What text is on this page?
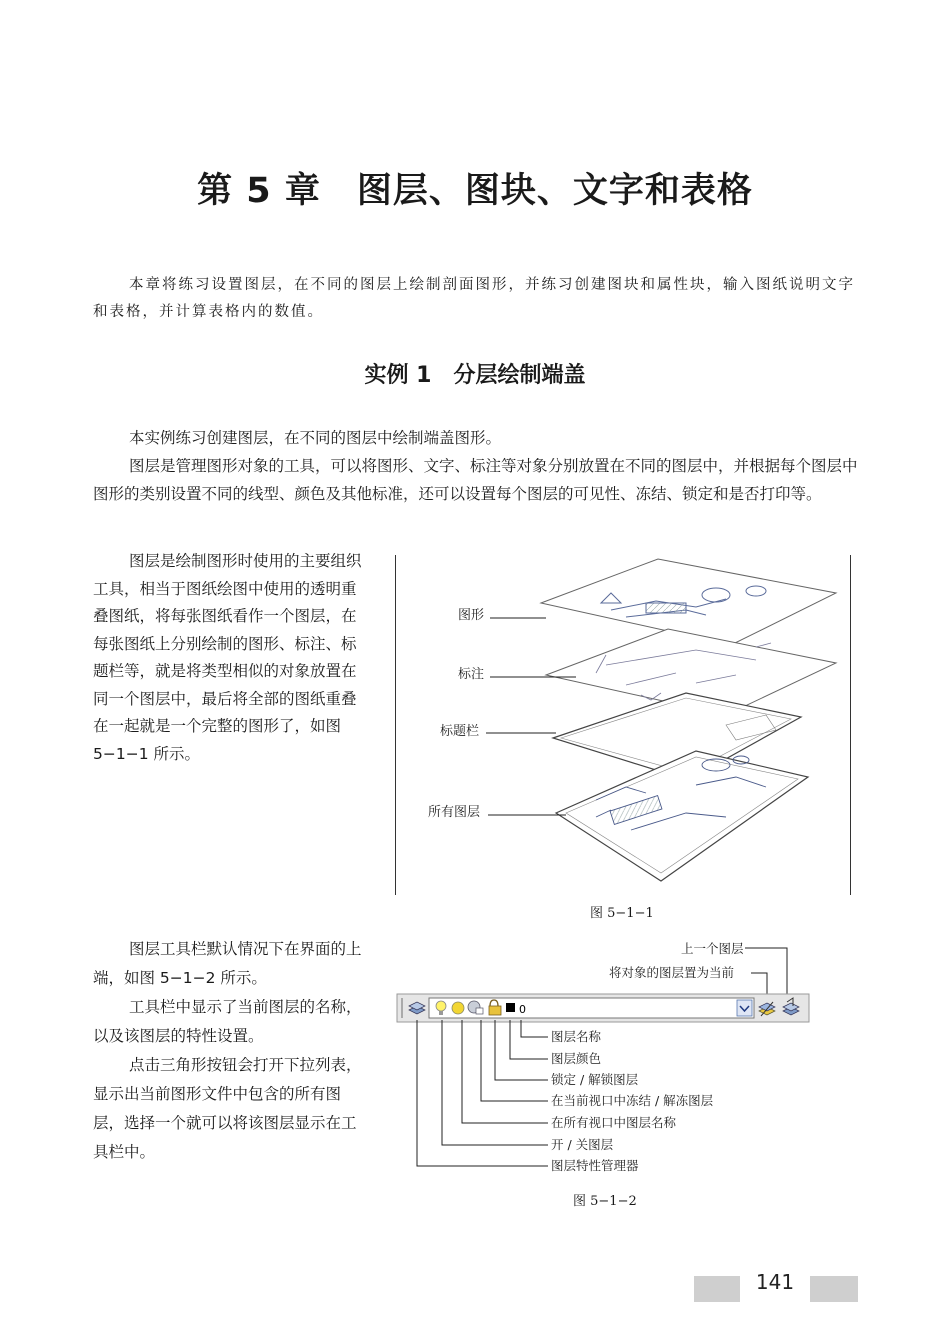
第 5 章　图层、图块、文字和表格

本章将练习设置图层，在不同的图层上绘制剖面图形，并练习创建图块和属性块，输入图纸说明文字和表格，并计算表格内的数值。

实例 1　分层绘制端盖

本实例练习创建图层，在不同的图层中绘制端盖图形。

图层是管理图形对象的工具，可以将图形、文字、标注等对象分别放置在不同的图层中，并根据每个图层中图形的类别设置不同的线型、颜色及其他标准，还可以设置每个图层的可见性、冻结、锁定和是否打印等。

图层是绘制图形时使用的主要组织工具，相当于图纸绘图中使用的透明重叠图纸，将每张图纸看作一个图层，在每张图纸上分别绘制的图形、标注、标题栏等，就是将类型相似的对象放置在同一个图层中，最后将全部的图纸重叠在一起就是一个完整的图形了，如图 5−1−1 所示。

图形
标注
标题栏
所有图层
图 5−1−1

图层工具栏默认情况下在界面的上端，如图 5−1−2 所示。

工具栏中显示了当前图层的名称，以及该图层的特性设置。

点击三角形按钮会打开下拉列表，显示出当前图形文件中包含的所有图层，选择一个就可以将该图层显示在工具栏中。

上一个图层
将对象的图层置为当前
0
图层名称
图层颜色
锁定 / 解锁图层
在当前视口中冻结 / 解冻图层
在所有视口中图层名称
开 / 关图层
图层特性管理器
图 5−1−2
141
